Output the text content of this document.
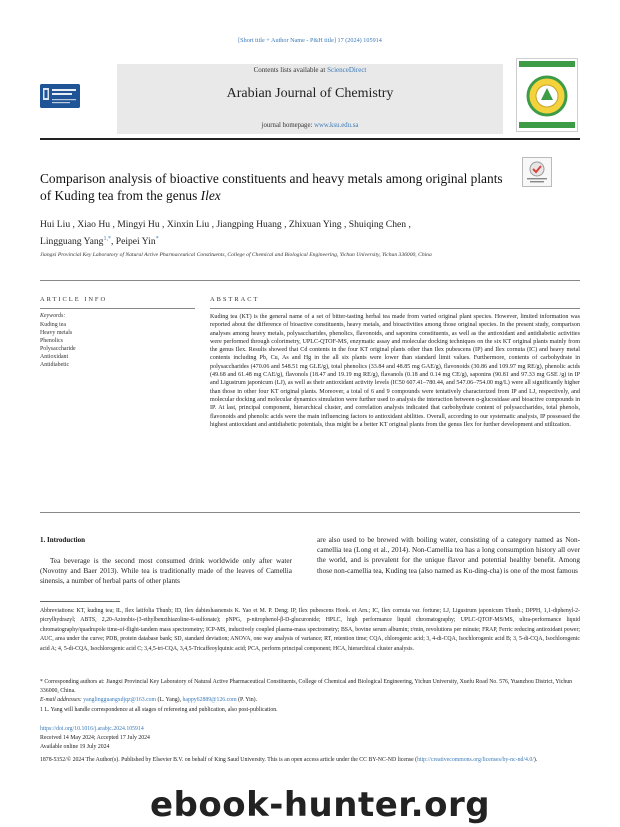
[Short title + Author Name - P&H title] 17 (2024) 105914
Contents lists available at ScienceDirect
Arabian Journal of Chemistry
journal homepage: www.ksu.edu.sa
Comparison analysis of bioactive constituents and heavy metals among original plants of Kuding tea from the genus Ilex
Hui Liu , Xiao Hu , Mingyi Hu , Xinxin Liu , Jiangping Huang , Zhixuan Ying , Shuiqing Chen ,
Lingguang Yang$^{1,*}$, Peipei Yin*
Jiangxi Provincial Key Laboratory of Natural Active Pharmaceutical Constituents, College of Chemical and Biological Engineering, Yichun University, Yichun 336000, China
ARTICLE INFO	ABSTRACT
Keywords:
Kuding tea
Heavy metals
Phenolics
Polysaccharide
Antioxidant
Antidiabetic
Kuding tea (KT) is the general name of a set of bitter-tasting herbal tea made from varied original plant species. However, limited information was reported about the difference of bioactive constituents, heavy metals, and bioactivities among those original species. In the present study, comparison analyses among heavy metals, polysaccharides, phenolics, flavonoids, and saponins constituents, as well as the antioxidant and antidiabetic activities were performed through colorimetry, UPLC-QTOF-MS, enzymatic assay and molecular docking techniques on the six KT original plants mainly from the genus Ilex. Results showed that Cd contents in the four KT original plants other than Ilex pubescens (IP) and Ilex cornuta (IC) and heavy metal contents including Pb, Cu, As and Hg in the all six plants were lower than standard limit values. Furthermore, contents of carbohydrate in polysaccharides (470.06 and 548.51 mg GLE/g), total phenolics (33.84 and 48.85 mg GAE/g), flavonoids (30.86 and 109.97 mg RE/g), phenolic acids (49.68 and 61.48 mg CAE/g), flavonols (18.47 and 19.19 mg RE/g), flavanols (0.18 and 0.14 mg CE/g), saponins (90.81 and 97.33 mg GSE /g) in IP and Ligustrum japonicum (LJ), as well as their antioxidant activity levels (IC50 607.41–780.44, and 547.06–754.00 mg/L) were all significantly higher than those in other four KT original plants. Moreover, a total of 6 and 9 compounds were tentatively characterized from IP and LJ, respectively, and molecular docking and molecular dynamics simulation were further used to analysis the interaction between α-glucosidase and bioactive compounds in IP. At last, principal component, hierarchical cluster, and correlation analysis indicated that carbohydrate content of polysaccharides, total phenols, flavonoids and phenolic acids were the main influencing factors to antioxidant abilities. Overall, according to our systematic analysis, IP possessed the highest antioxidant and antidiabetic potentials, thus might be a better KT original plants from the genus Ilex for further development and utilization.
1. Introduction
Tea beverage is the second most consumed drink worldwide only after water (Novotny and Baer 2013). While tea is traditionally made of the leaves of Camellia sinensis, a number of herbal parts of other plants
are also used to be brewed with boiling water, consisting of a category named as Non-camellia tea (Long et al., 2014). Non-Camellia tea has a long consumption history all over the world, and is prevalent for the unique flavor and potential healthy benefit. Among those non-camellia tea, Kuding tea (also named as Ku-ding-cha) is one of the most famous
Abbreviations: KT, kuding tea; IL, Ilex latifolia Thunb; ID, Ilex dabieshasnensis K. Yao et M. P. Deng; IP, Ilex pubescens Hook. et Arn.; IC, Ilex cornuta var. fortune; LJ, Ligustrum japonicum Thunb.; DPPH, 1,1-diphenyl-2-picrylhydrazyl; ABTS, 2,20-Azinobis-(3-ethylbenzthiazoline-6-sulfonate); pNPG, p-nitrophenol-β-D-glucuronide; HPLC, high performance liquid chromatography; UPLC-QTOF-MS/MS, ultra-performance liquid chromatography/quadrupole time-of-flight-tandem mass spectrometry; ICP-MS, inductively coupled plasma-mass spectrometry; BSA, bovine serum albumin; r/min, revolutions per minute; FRAP, Ferric reducing antioxidant power; AUC, area under the curve; PDB, protein database bank; SD, standard deviation; ANOVA, one way analysis of variance; RT, retention time; CQA, chlorogenic acid; 3, 4-di-CQA, Isochlorogenic acid B; 3, 5-di-CQA, Isochlorogenic acid A; 4, 5-di-CQA, Isochlorogenic acid C; 3,4,5-tri-CQA, 3,4,5-Tricaffeoylquinic acid; PCA, perform principal component; HCA, hierarchical cluster analysis.
* Corresponding authors at: Jiangxi Provincial Key Laboratory of Natural Active Pharmaceutical Constituents, College of Chemical and Biological Engineering, Yichun University, Xuefu Road No. 576, Yuanzhou District, Yichun 336000, China.
E-mail addresses: yanglingguangxdjqz@163.com (L. Yang), happy62889@126.com (P. Yin).
1 L. Yang will handle correspondence at all stages of refereeing and publication, also post-publication.
https://doi.org/10.1016/j.arabjc.2024.105914
Received 14 May 2024; Accepted 17 July 2024
Available online 19 July 2024
1878-5352/© 2024 The Author(s). Published by Elsevier B.V. on behalf of King Saud University. This is an open access article under the CC BY-NC-ND license (http://creativecommons.org/licenses/by-nc-nd/4.0/).
ebook-hunter.org
